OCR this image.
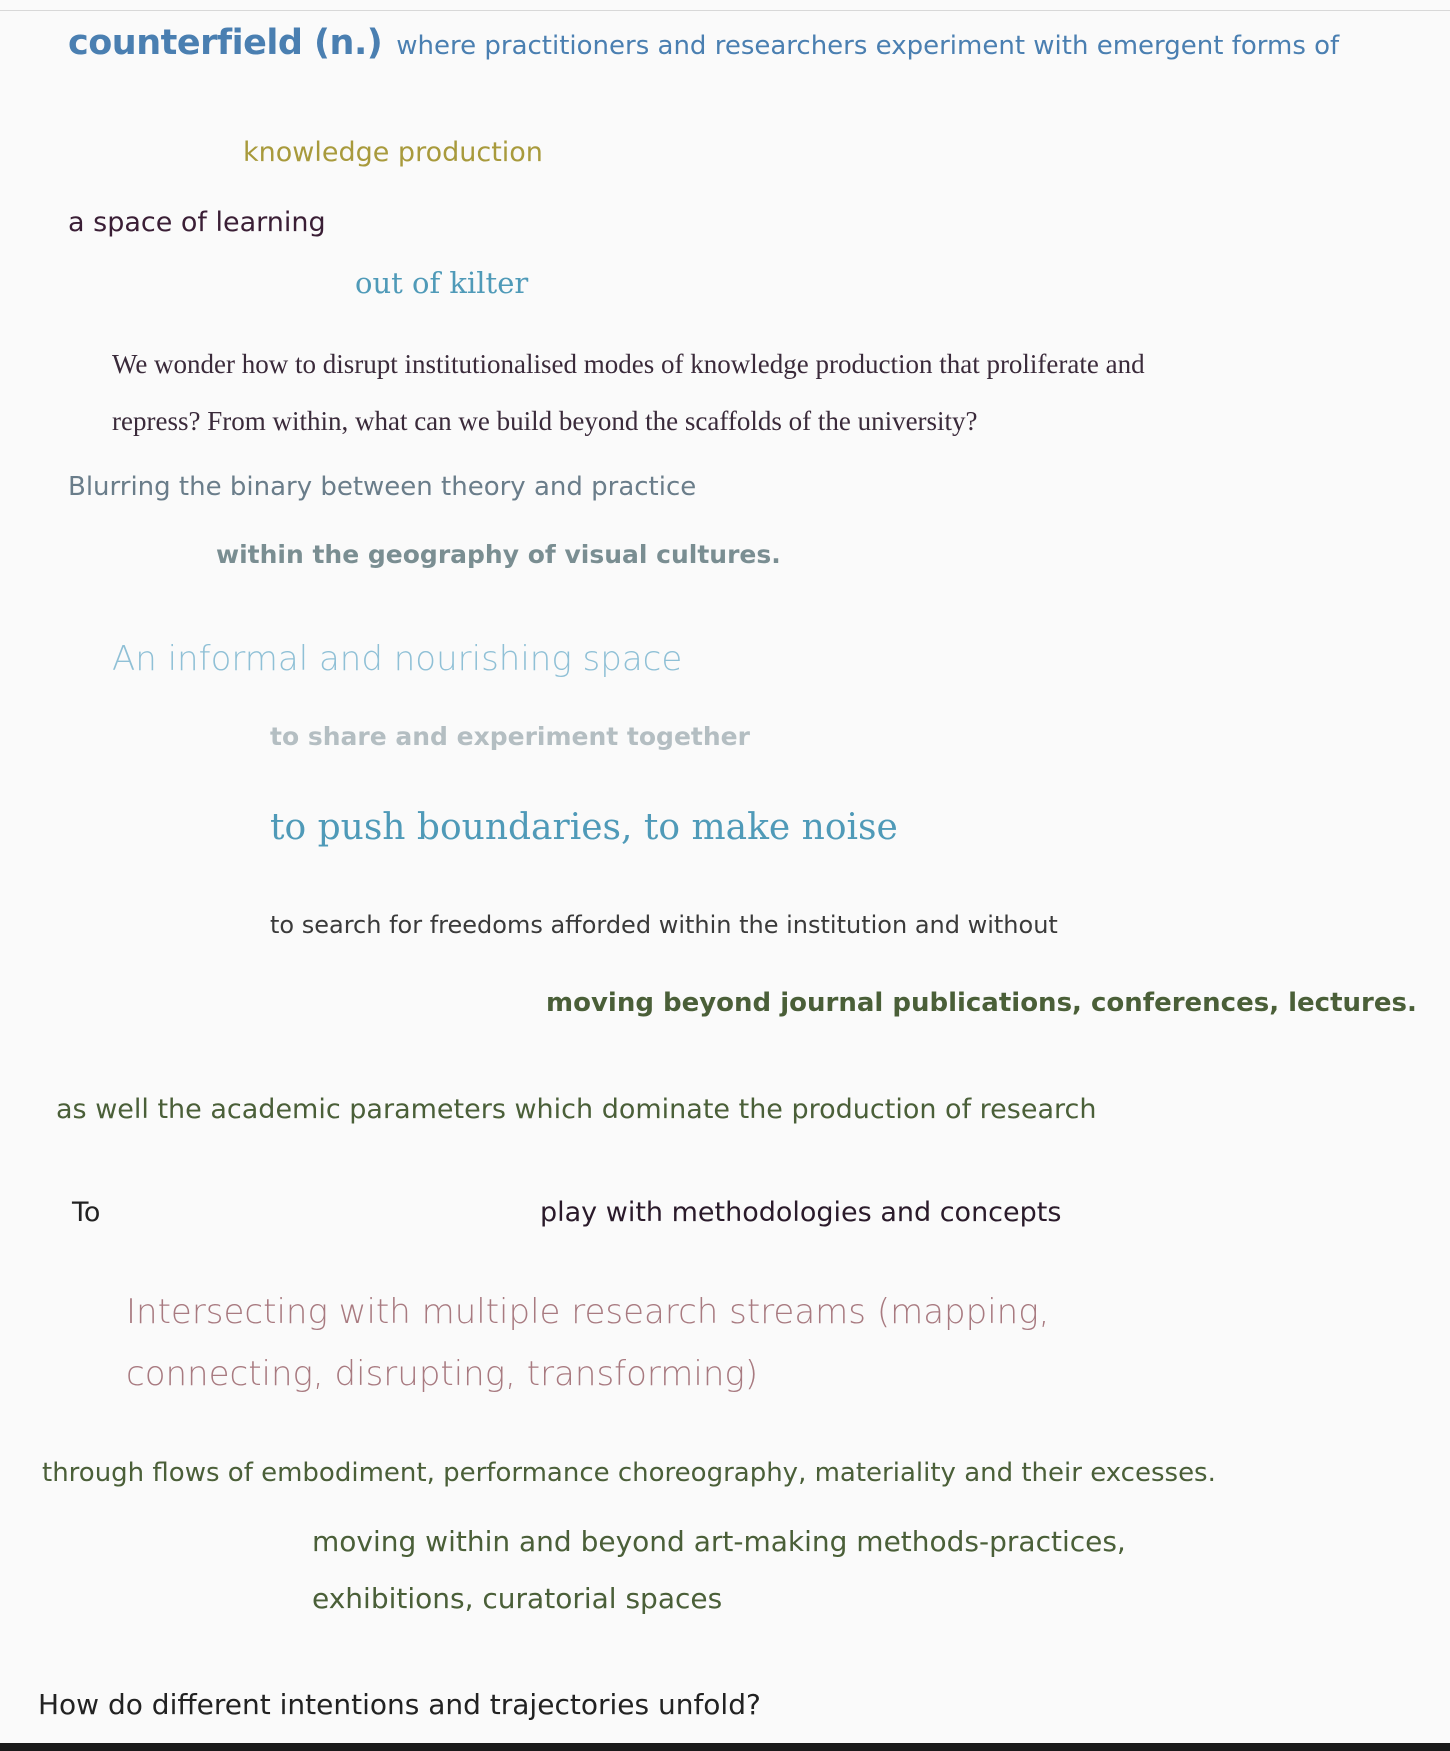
counterfield (n.) where practitioners and researchers experiment with emergent forms of

knowledge production

a space of learning

out of kilter

We wonder how to disrupt institutionalised modes of knowledge production that proliferate and
repress? From within, what can we build beyond the scaffolds of the university?

Blurring the binary between theory and practice

within the geography of visual cultures.

An informal and nourishing space

to share and experiment together

to push boundaries, to make noise

to search for freedoms afforded within the institution and without

moving beyond journal publications, conferences, lectures.

as well the academic parameters which dominate the production of research

To	play with methodologies and concepts

Intersecting with multiple research streams (mapping,
connecting, disrupting, transforming)

through flows of embodiment, performance choreography, materiality and their excesses.

moving within and beyond art-making methods-practices,
exhibitions, curatorial spaces

How do different intentions and trajectories unfold?
